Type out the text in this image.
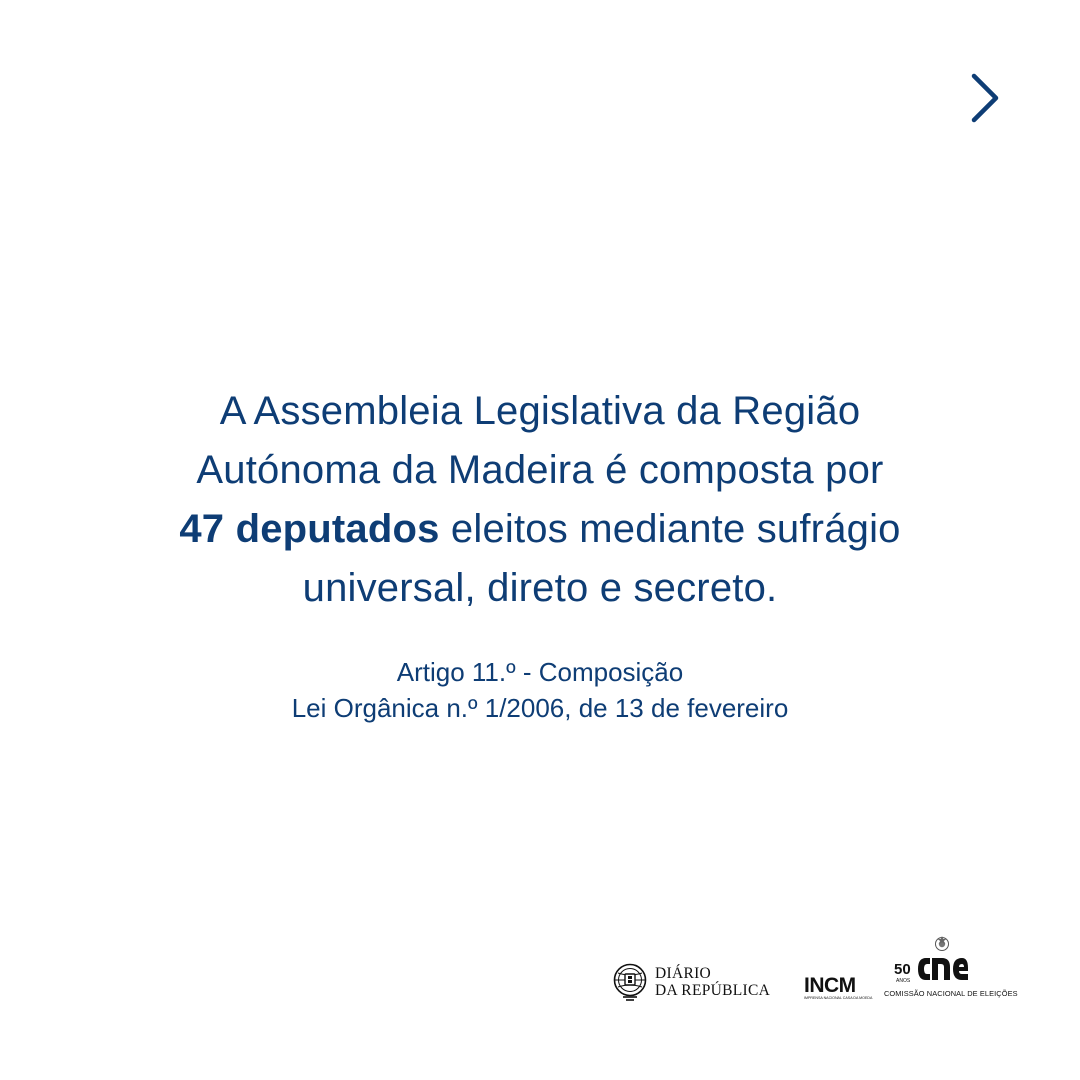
A Assembleia Legislativa da Região
Autónoma da Madeira é composta por
47 deputados eleitos mediante sufrágio
universal, direto e secreto.
Artigo 11.º - Composição
Lei Orgânica n.º 1/2006, de 13 de fevereiro
DIÁRIO
DA REPÚBLICA INCM
IMPRENSA NACIONAL CASA DA MOEDA
50
ANOS
COMISSÃO NACIONAL DE ELEIÇÕES
